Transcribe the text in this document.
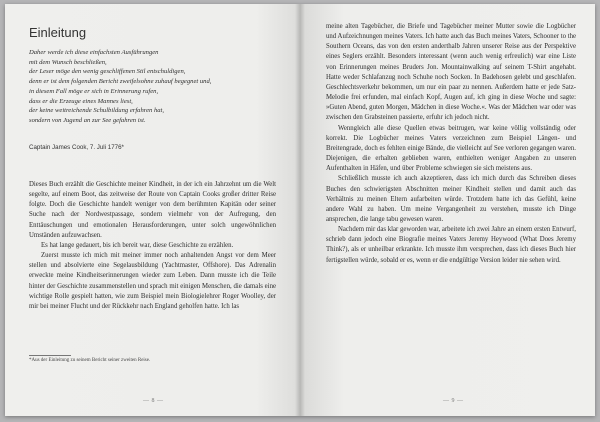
Einleitung
Daher werde ich diese einfachsten Ausführungen
mit dem Wunsch beschließen,
der Leser möge den wenig geschliffenen Stil entschuldigen,
denn er ist dem folgenden Bericht zweifelsohne zuhauf begegnet und,
in diesem Fall möge er sich in Erinnerung rufen,
dass er die Erzeuge eines Mannes liest,
der keine weitreichende Schulbildung erfahren hat,
sondern von Jugend an zur See gefahren ist.
Captain James Cook, 7. Juli 1776*

Dieses Buch erzählt die Geschichte meiner Kindheit, in der ich ein Jahrzehnt um die Welt segelte, auf einem Boot, das zeitweise der Route von Captain Cooks großer dritter Reise folgte. Doch die Geschichte handelt weniger von dem berühmten Kapitän oder seiner Suche nach der Nordwestpassage, sondern vielmehr von der Aufregung, den Enttäuschungen und emotionalen Herausforderungen, unter solch ungewöhnlichen Umständen aufzuwachsen.

Es hat lange gedauert, bis ich bereit war, diese Geschichte zu erzählen.

Zuerst musste ich mich mit meiner immer noch anhaltenden Angst vor dem Meer stellen und absolvierte eine Segelausbildung (Yachtmaster, Offshore). Das Adrenalin erweckte meine Kindheitserinnerungen wieder zum Leben. Dann musste ich die Teile hinter der Geschichte zusammenstellen und sprach mit einigen Menschen, die damals eine wichtige Rolle gespielt hatten, wie zum Beispiel mein Biologielehrer Roger Woolley, der mir bei meiner Flucht und der Rückkehr nach England geholfen hatte. Ich las

*Aus der Einleitung zu seinem Bericht seiner zweiten Reise.
— 8 —

meine alten Tagebücher, die Briefe und Tagebücher meiner Mutter sowie die Logbücher und Aufzeichnungen meines Vaters. Ich hatte auch das Buch meines Vaters, Schooner to the Southern Oceans, das von den ersten anderthalb Jahren unserer Reise aus der Perspektive eines Seglers erzählt. Besonders interessant (wenn auch wenig erfreulich) war eine Liste von Erinnerungen meines Bruders Jon. Mountainwalking auf seinem T-Shirt angehabt. Hatte weder Schlafanzug noch Schuhe noch Socken. In Badehosen gelebt und geschlafen. Geschlechtsverkehr bekommen, um nur ein paar zu nennen. Außerdem hatte er jede Satz-Melodie frei erfunden, mal einfach Kopf, Augen auf, ich ging in diese Woche und sagte: »Guten Abend, guten Morgen, Mädchen in diese Woche.«. Was der Mädchen war oder was zwischen den Grabsteinen passierte, erfuhr ich jedoch nicht.

Wenngleich alle diese Quellen etwas beitrugen, war keine völlig vollständig oder korrekt. Die Logbücher meines Vaters verzeichnen zum Beispiel Längen- und Breitengrade, doch es fehlten einige Bände, die vielleicht auf See verloren gegangen waren. Diejenigen, die erhalten geblieben waren, enthielten weniger Angaben zu unseren Aufenthalten in Häfen, und über Probleme schwiegen sie sich meistens aus.

Schließlich musste ich auch akzeptieren, dass ich mich durch das Schreiben dieses Buches den schwierigsten Abschnitten meiner Kindheit stellen und damit auch das Verhältnis zu meinen Eltern aufarbeiten würde. Trotzdem hatte ich das Gefühl, keine andere Wahl zu haben. Um meine Vergangenheit zu verstehen, musste ich Dinge ansprechen, die lange tabu gewesen waren.

Nachdem mir das klar geworden war, arbeitete ich zwei Jahre an einem ersten Entwurf, schrieb dann jedoch eine Biografie meines Vaters Jeremy Heywood (What Does Jeremy Think?), als er unheilbar erkrankte. Ich musste ihm versprechen, dass ich dieses Buch hier fertigstellen würde, sobald er es, wenn er die endgültige Version leider nie sehen wird.

— 9 —
